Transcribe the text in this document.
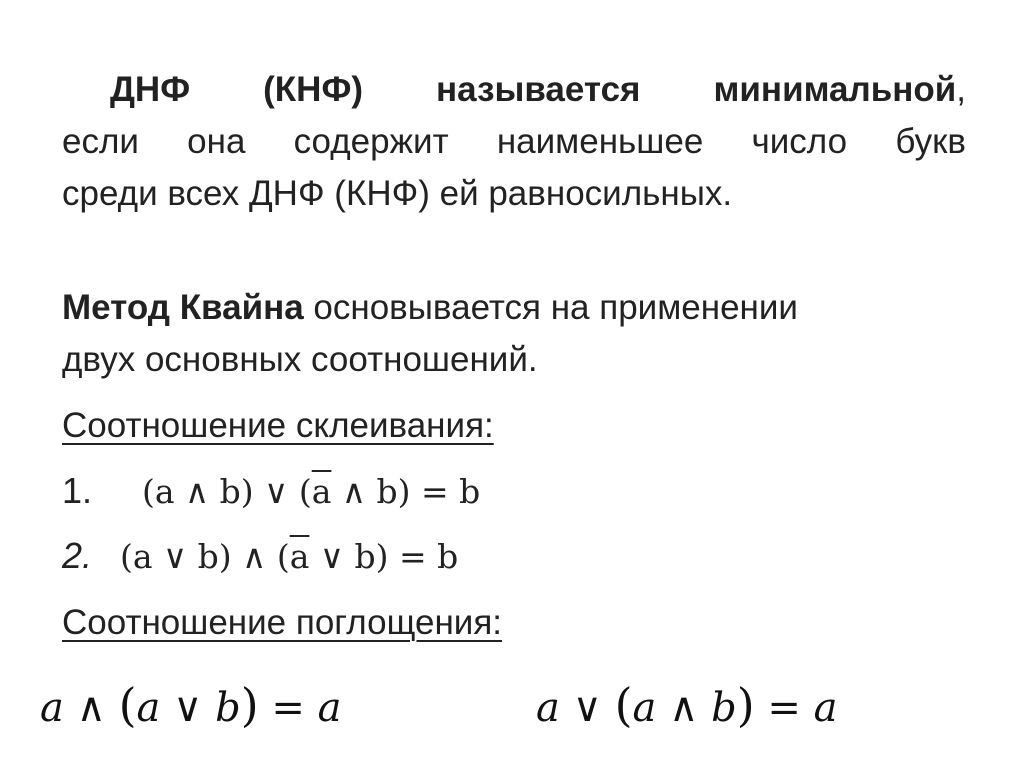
ДНФ (КНФ) называется минимальной,
если она содержит наименьшее число букв
среди всех ДНФ (КНФ) ей равносильных.
Метод Квайна основывается на применении
двух основных соотношений.
Соотношение склеивания:
1. (a ∧ b) ∨ ($\overline{a}$ ∧ b) = b
2. (a ∨ b) ∧ ($\overline{a}$ ∨ b) = b
Соотношение поглощения:
a ∧ (a ∨ b) = a	a ∨ (a ∧ b) = a
